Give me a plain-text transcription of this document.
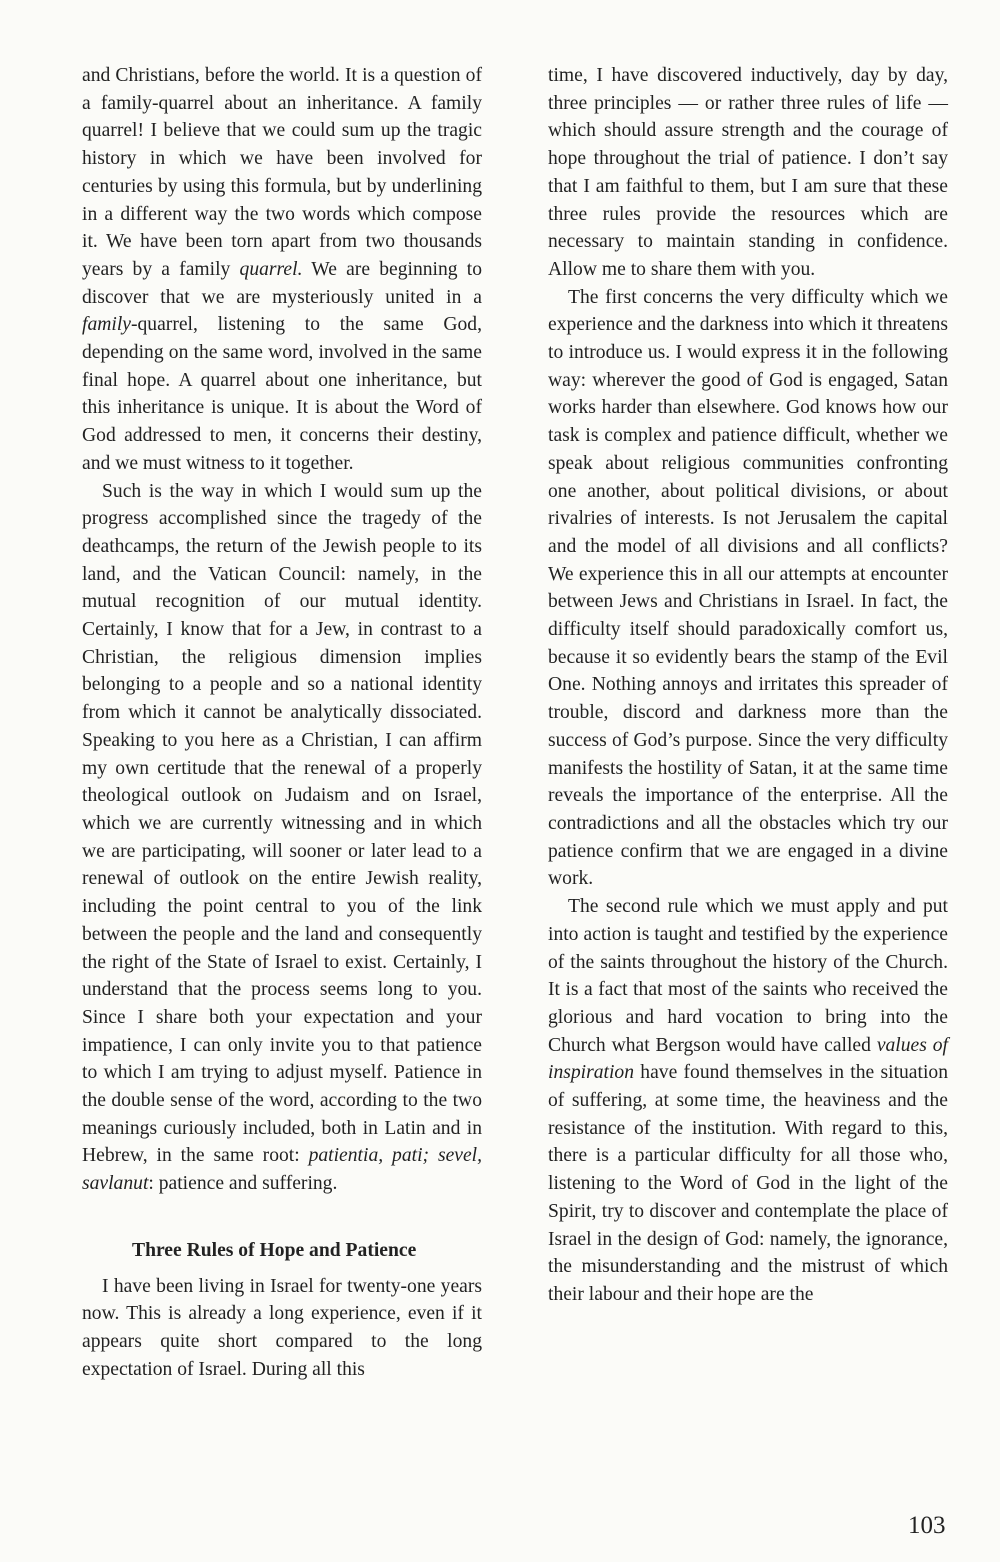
and Christians, before the world. It is a question of a family-quarrel about an inheritance. A family quarrel! I believe that we could sum up the tragic history in which we have been involved for centuries by using this formula, but by underlining in a different way the two words which compose it. We have been torn apart from two thousands years by a family quarrel. We are beginning to discover that we are mysteriously united in a family-quarrel, listening to the same God, depending on the same word, involved in the same final hope. A quarrel about one inheritance, but this inheritance is unique. It is about the Word of God addressed to men, it concerns their destiny, and we must witness to it together.

Such is the way in which I would sum up the progress accomplished since the tragedy of the deathcamps, the return of the Jewish people to its land, and the Vatican Council: namely, in the mutual recognition of our mutual identity. Certainly, I know that for a Jew, in contrast to a Christian, the religious dimension implies belonging to a people and so a national identity from which it cannot be analytically dissociated. Speaking to you here as a Christian, I can affirm my own certitude that the renewal of a properly theological outlook on Judaism and on Israel, which we are currently witnessing and in which we are participating, will sooner or later lead to a renewal of outlook on the entire Jewish reality, including the point central to you of the link between the people and the land and consequently the right of the State of Israel to exist. Certainly, I understand that the process seems long to you. Since I share both your expectation and your impatience, I can only invite you to that patience to which I am trying to adjust myself. Patience in the double sense of the word, according to the two meanings curiously included, both in Latin and in Hebrew, in the same root: patientia, pati; sevel, savlanut: patience and suffering.

Three Rules of Hope and Patience

I have been living in Israel for twenty-one years now. This is already a long experience, even if it appears quite short compared to the long expectation of Israel. During all this

time, I have discovered inductively, day by day, three principles — or rather three rules of life — which should assure strength and the courage of hope throughout the trial of patience. I don’t say that I am faithful to them, but I am sure that these three rules provide the resources which are necessary to maintain standing in confidence. Allow me to share them with you.

The first concerns the very difficulty which we experience and the darkness into which it threatens to introduce us. I would express it in the following way: wherever the good of God is engaged, Satan works harder than elsewhere. God knows how our task is complex and patience difficult, whether we speak about religious communities confronting one another, about political divisions, or about rivalries of interests. Is not Jerusalem the capital and the model of all divisions and all conflicts? We experience this in all our attempts at encounter between Jews and Christians in Israel. In fact, the difficulty itself should paradoxically comfort us, because it so evidently bears the stamp of the Evil One. Nothing annoys and irritates this spreader of trouble, discord and darkness more than the success of God’s purpose. Since the very difficulty manifests the hostility of Satan, it at the same time reveals the importance of the enterprise. All the contradictions and all the obstacles which try our patience confirm that we are engaged in a divine work.

The second rule which we must apply and put into action is taught and testified by the experience of the saints throughout the history of the Church. It is a fact that most of the saints who received the glorious and hard vocation to bring into the Church what Bergson would have called values of inspiration have found themselves in the situation of suffering, at some time, the heaviness and the resistance of the institution. With regard to this, there is a particular difficulty for all those who, listening to the Word of God in the light of the Spirit, try to discover and contemplate the place of Israel in the design of God: namely, the ignorance, the misunderstanding and the mistrust of which their labour and their hope are the

103
